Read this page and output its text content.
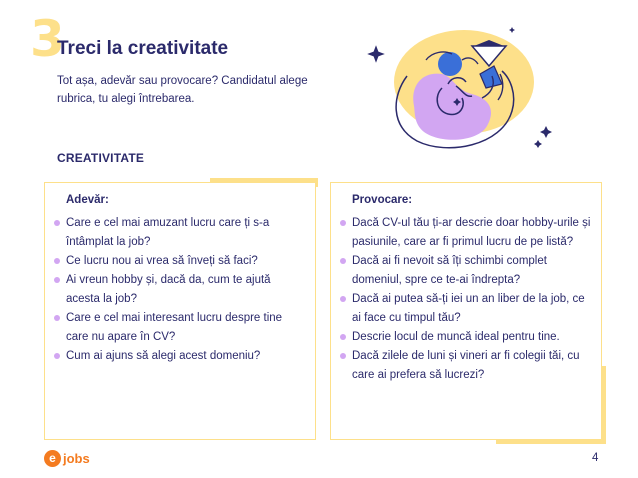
3
Treci la creativitate
Tot așa, adevăr sau provocare? Candidatul alege rubrica, tu alegi întrebarea.
CREATIVITATE
Adevăr:
Care e cel mai amuzant lucru care ți s-a întâmplat la job?
Ce lucru nou ai vrea să înveți să faci?
Ai vreun hobby și, dacă da, cum te ajută acesta la job?
Care e cel mai interesant lucru despre tine care nu apare în CV?
Cum ai ajuns să alegi acest domeniu?
Provocare:
Dacă CV-ul tău ți-ar descrie doar hobby-urile și pasiunile, care ar fi primul lucru de pe listă?
Dacă ai fi nevoit să îți schimbi complet domeniul, spre ce te-ai îndrepta?
Dacă ai putea să-ți iei un an liber de la job, ce ai face cu timpul tău?
Descrie locul de muncă ideal pentru tine.
Dacă zilele de luni și vineri ar fi colegii tăi, cu care ai prefera să lucrezi?
e jobs	4
